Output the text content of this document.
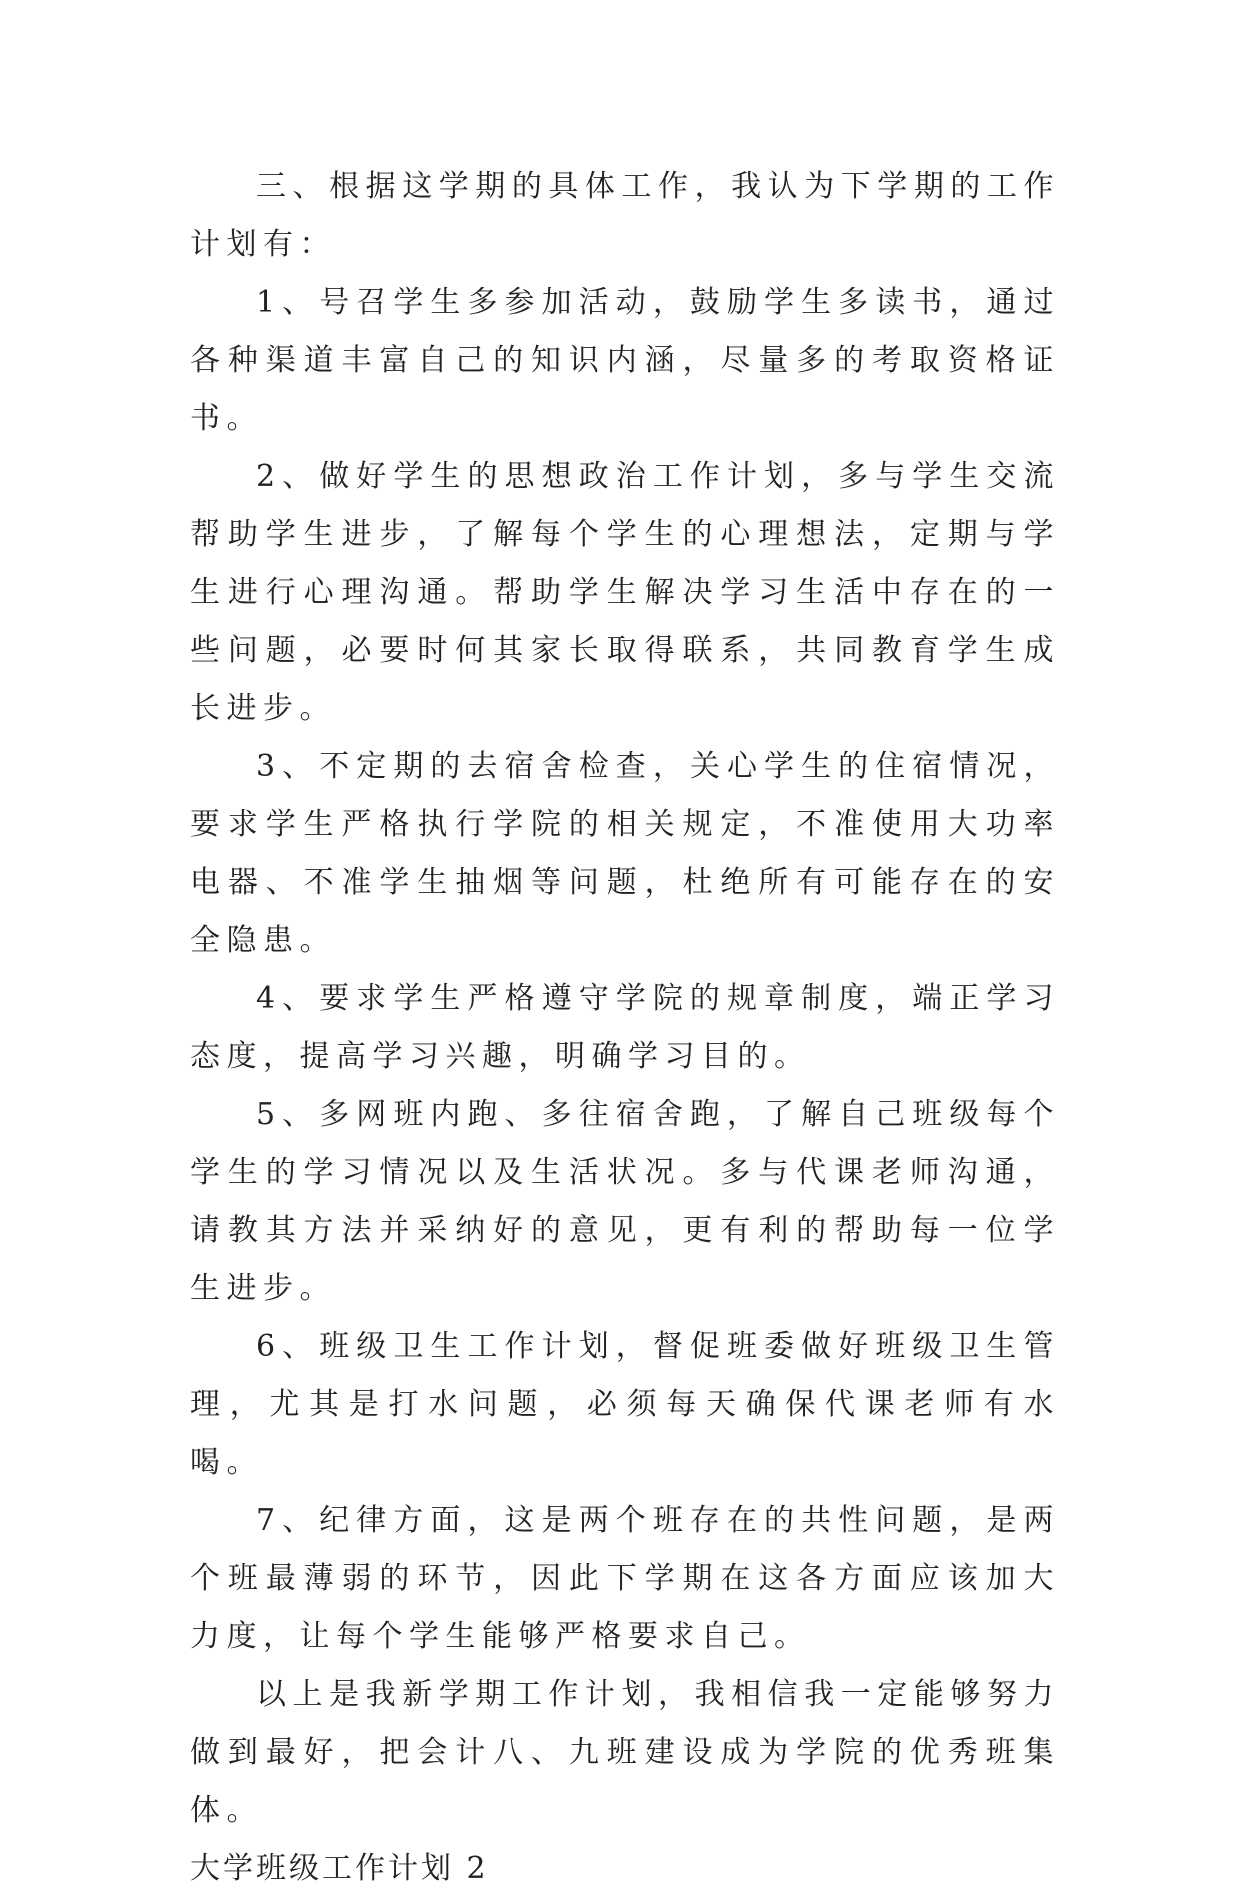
三、根据这学期的具体工作，我认为下学期的工作计划有：

1、号召学生多参加活动，鼓励学生多读书，通过各种渠道丰富自己的知识内涵，尽量多的考取资格证书。

2、做好学生的思想政治工作计划，多与学生交流帮助学生进步，了解每个学生的心理想法，定期与学生进行心理沟通。帮助学生解决学习生活中存在的一些问题，必要时何其家长取得联系，共同教育学生成长进步。

3、不定期的去宿舍检查，关心学生的住宿情况，要求学生严格执行学院的相关规定，不准使用大功率电器、不准学生抽烟等问题，杜绝所有可能存在的安全隐患。

4、要求学生严格遵守学院的规章制度，端正学习态度，提高学习兴趣，明确学习目的。

5、多网班内跑、多往宿舍跑，了解自己班级每个学生的学习情况以及生活状况。多与代课老师沟通，请教其方法并采纳好的意见，更有利的帮助每一位学生进步。

6、班级卫生工作计划，督促班委做好班级卫生管理，尤其是打水问题，必须每天确保代课老师有水喝。

7、纪律方面，这是两个班存在的共性问题，是两个班最薄弱的环节，因此下学期在这各方面应该加大力度，让每个学生能够严格要求自己。

以上是我新学期工作计划，我相信我一定能够努力做到最好，把会计八、九班建设成为学院的优秀班集体。

大学班级工作计划 2
